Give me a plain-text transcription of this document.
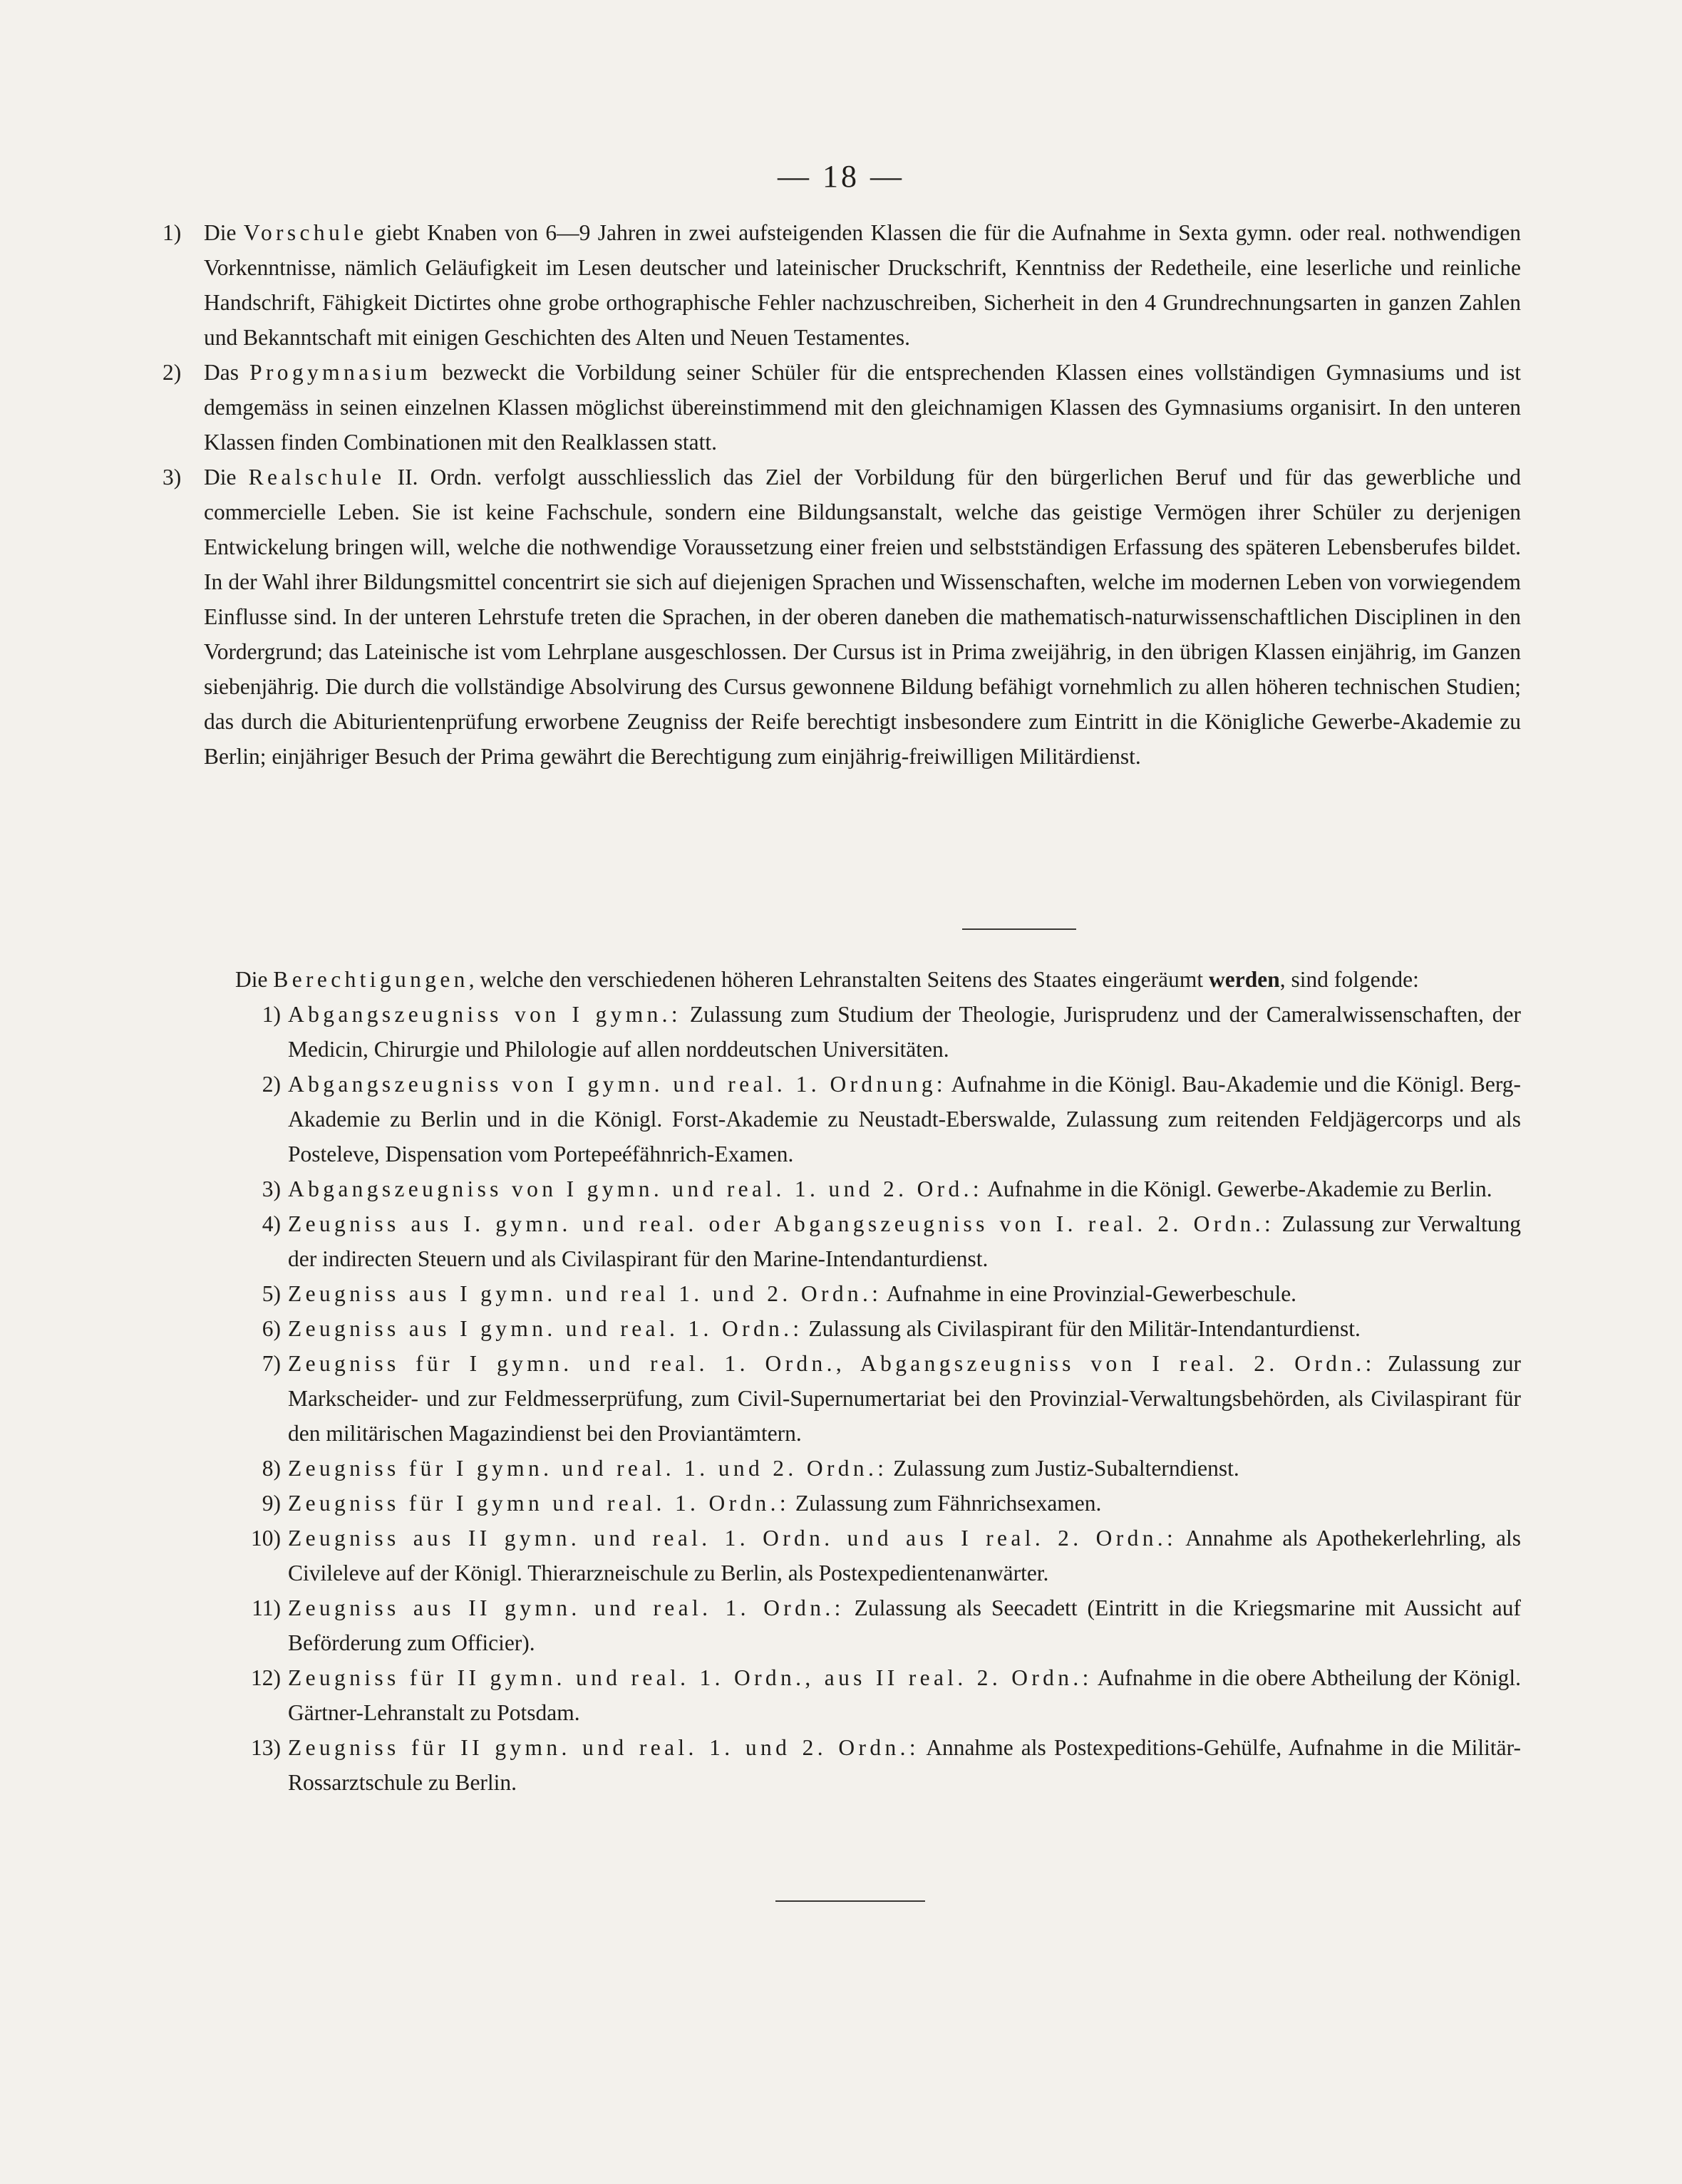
— 18 —
1) Die Vorschule giebt Knaben von 6—9 Jahren in zwei aufsteigenden Klassen die für die Aufnahme in Sexta gymn. oder real. nothwendigen Vorkenntnisse, nämlich Geläufigkeit im Lesen deutscher und lateinischer Druckschrift, Kenntniss der Redetheile, eine leserliche und reinliche Handschrift, Fähigkeit Dictirtes ohne grobe orthographische Fehler nachzuschreiben, Sicherheit in den 4 Grundrechnungsarten in ganzen Zahlen und Bekanntschaft mit einigen Geschichten des Alten und Neuen Testamentes.

2) Das Progymnasium bezweckt die Vorbildung seiner Schüler für die entsprechenden Klassen eines vollständigen Gymnasiums und ist demgemäss in seinen einzelnen Klassen möglichst übereinstimmend mit den gleichnamigen Klassen des Gymnasiums organisirt. In den unteren Klassen finden Combinationen mit den Realklassen statt.

3) Die Realschule II. Ordn. verfolgt ausschliesslich das Ziel der Vorbildung für den bürgerlichen Beruf und für das gewerbliche und commercielle Leben. Sie ist keine Fachschule, sondern eine Bildungsanstalt, welche das geistige Vermögen ihrer Schüler zu derjenigen Entwickelung bringen will, welche die nothwendige Voraussetzung einer freien und selbstständigen Erfassung des späteren Lebensberufes bildet. In der Wahl ihrer Bildungsmittel concentrirt sie sich auf diejenigen Sprachen und Wissenschaften, welche im modernen Leben von vorwiegendem Einflusse sind. In der unteren Lehrstufe treten die Sprachen, in der oberen daneben die mathematisch-naturwissenschaftlichen Disciplinen in den Vordergrund; das Lateinische ist vom Lehrplane ausgeschlossen. Der Cursus ist in Prima zweijährig, in den übrigen Klassen einjährig, im Ganzen siebenjährig. Die durch die vollständige Absolvirung des Cursus gewonnene Bildung befähigt vornehmlich zu allen höheren technischen Studien; das durch die Abiturientenprüfung erworbene Zeugniss der Reife berechtigt insbesondere zum Eintritt in die Königliche Gewerbe-Akademie zu Berlin; einjähriger Besuch der Prima gewährt die Berechtigung zum einjährig-freiwilligen Militärdienst.

Die Berechtigungen, welche den verschiedenen höheren Lehranstalten Seitens des Staates eingeräumt werden, sind folgende:

1) Abgangszeugniss von I gymn.: Zulassung zum Studium der Theologie, Jurisprudenz und der Cameralwissenschaften, der Medicin, Chirurgie und Philologie auf allen norddeutschen Universitäten.

2) Abgangszeugniss von I gymn. und real. 1. Ordnung: Aufnahme in die Königl. Bau-Akademie und die Königl. Berg-Akademie zu Berlin und in die Königl. Forst-Akademie zu Neustadt-Eberswalde, Zulassung zum reitenden Feldjägercorps und als Posteleve, Dispensation vom Portepeéfähnrich-Examen.

3) Abgangszeugniss von I gymn. und real. 1. und 2. Ord.: Aufnahme in die Königl. Gewerbe-Akademie zu Berlin.

4) Zeugniss aus I. gymn. und real. oder Abgangszeugniss von I. real. 2. Ordn.: Zulassung zur Verwaltung der indirecten Steuern und als Civilaspirant für den Marine-Intendanturdienst.

5) Zeugniss aus I gymn. und real 1. und 2. Ordn.: Aufnahme in eine Provinzial-Gewerbeschule.

6) Zeugniss aus I gymn. und real. 1. Ordn.: Zulassung als Civilaspirant für den Militär-Intendanturdienst.

7) Zeugniss für I gymn. und real. 1. Ordn., Abgangszeugniss von I real. 2. Ordn.: Zulassung zur Markscheider- und zur Feldmesserprüfung, zum Civil-Supernumertariat bei den Provinzial-Verwaltungsbehörden, als Civilaspirant für den militärischen Magazindienst bei den Proviantämtern.

8) Zeugniss für I gymn. und real. 1. und 2. Ordn.: Zulassung zum Justiz-Subalterndienst.

9) Zeugniss für I gymn und real. 1. Ordn.: Zulassung zum Fähnrichsexamen.

10) Zeugniss aus II gymn. und real. 1. Ordn. und aus I real. 2. Ordn.: Annahme als Apothekerlehrling, als Civileleve auf der Königl. Thierarzneischule zu Berlin, als Postexpedientenanwärter.

11) Zeugniss aus II gymn. und real. 1. Ordn.: Zulassung als Seecadett (Eintritt in die Kriegsmarine mit Aussicht auf Beförderung zum Officier).

12) Zeugniss für II gymn. und real. 1. Ordn., aus II real. 2. Ordn.: Aufnahme in die obere Abtheilung der Königl. Gärtner-Lehranstalt zu Potsdam.

13) Zeugniss für II gymn. und real. 1. und 2. Ordn.: Annahme als Postexpeditions-Gehülfe, Aufnahme in die Militär-Rossarztschule zu Berlin.
